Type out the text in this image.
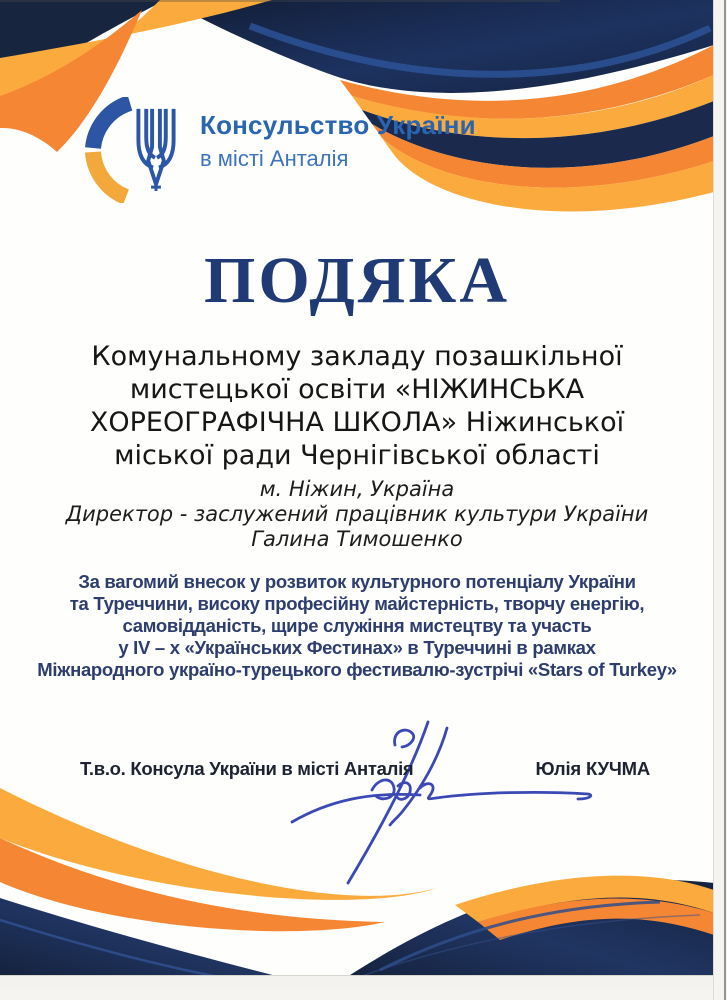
Консульство України
в місті Анталія
ПОДЯКА
Комунальному закладу позашкільної
мистецької освіти «НІЖИНСЬКА
ХОРЕОГРАФІЧНА ШКОЛА» Ніжинської
міської ради Чернігівської області
м. Ніжин, Україна
Директор - заслужений працівник культури України
Галина Тимошенко
За вагомий внесок у розвиток культурного потенціалу України
та Туреччини, високу професійну майстерність, творчу енергію,
самовідданість, щире служіння мистецтву та участь
у IV – х «Українських Фестинах» в Туреччині в рамках
Міжнародного україно-турецького фестивалю-зустрічі «Stars of Turkey»
Т.в.о. Консула України в місті Анталія	Юлія КУЧМА
